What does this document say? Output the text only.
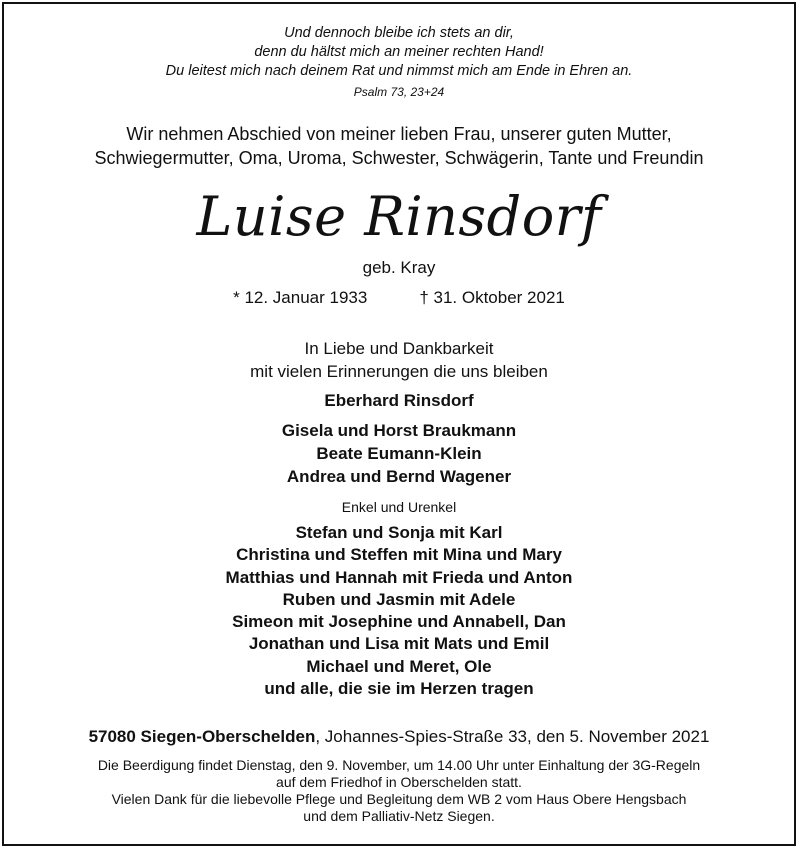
Und dennoch bleibe ich stets an dir,
denn du hältst mich an meiner rechten Hand!
Du leitest mich nach deinem Rat und nimmst mich am Ende in Ehren an.
Psalm 73, 23+24
Wir nehmen Abschied von meiner lieben Frau, unserer guten Mutter,
Schwiegermutter, Oma, Uroma, Schwester, Schwägerin, Tante und Freundin
Luise Rinsdorf
geb. Kray
* 12. Januar 1933	† 31. Oktober 2021
In Liebe und Dankbarkeit
mit vielen Erinnerungen die uns bleiben
Eberhard Rinsdorf
Gisela und Horst Braukmann
Beate Eumann-Klein
Andrea und Bernd Wagener
Enkel und Urenkel
Stefan und Sonja mit Karl
Christina und Steffen mit Mina und Mary
Matthias und Hannah mit Frieda und Anton
Ruben und Jasmin mit Adele
Simeon mit Josephine und Annabell, Dan
Jonathan und Lisa mit Mats und Emil
Michael und Meret, Ole
und alle, die sie im Herzen tragen
57080 Siegen-Oberschelden, Johannes-Spies-Straße 33, den 5. November 2021
Die Beerdigung findet Dienstag, den 9. November, um 14.00 Uhr unter Einhaltung der 3G-Regeln
auf dem Friedhof in Oberschelden statt.
Vielen Dank für die liebevolle Pflege und Begleitung dem WB 2 vom Haus Obere Hengsbach
und dem Palliativ-Netz Siegen.
